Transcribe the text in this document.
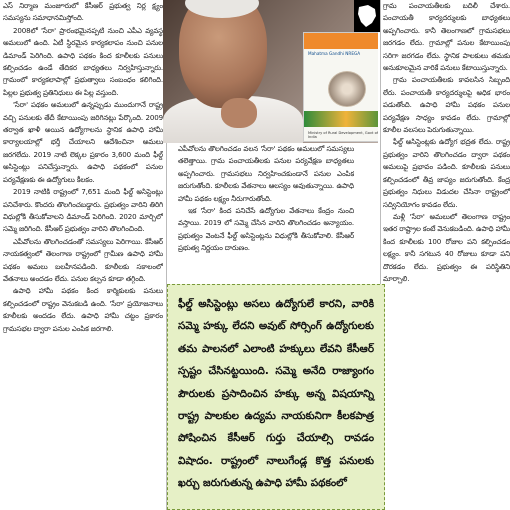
ఎస్ నిర్మాణ మంజూరులో కేసీఆర్ ప్రభుత్వ నిర్ల క్ష్యం సమస్యను సమాధానమిస్తోంది.

2008లో 'సేరా' ప్రారంభమైనప్పటి నుంచి ఎపీఎ వ్యవస్థ అమలులో ఉంది. ఏటీ స్థిరమైన కార్యకలాపం నుంచి పనుల డిమాండ్ పెరిగింది. ఉపాధి పథకం కింద కూలీలకు పనులు కల్పించడం ఉండే తేదికర బాధ్యతలు నిర్వహిస్తున్నారు. గ్రామంలో కార్యకలాపాల్లో ప్రభుత్వాలు సంబంధం కలిగింది. పిల్లల ప్రభుత్వ ప్రతినిధులు ఈ పిల్ల వస్తుంది.

'సేరా' పథకం అమలులో ఉన్నప్పుడు ముందుగానే రాష్ట్ర వచ్చి పనులకు తేదీ కేటాయింపు జరిగినట్లు పేర్కొంది. 2009 తర్వాత ఖాళీ అయిన ఉద్యోగాలను స్థానిక ఉపాధి హామీ కార్యాలయాల్లో భర్తీ చేయాలని ఆదేశించినా అమలు జరగలేదు. 2019 నాటి లెక్కల ప్రకారం 3,600 మంది ఫీల్డ్ అసిస్టెంట్లు పనిచేస్తున్నారు. ఉపాధి పథకంలో పనుల పర్యవేక్షణకు ఈ ఉద్యోగులు కీలకం.

2019 నాటికి రాష్ట్రంలో 7,651 మంది ఫీల్డ్ అసిస్టెంట్లు పనిచేశారు. కొందరు తొలగించబడ్డారు. ప్రభుత్వం వారిని తిరిగి విధుల్లోకి తీసుకోవాలని డిమాండ్ పెరిగింది. 2020 మార్చిలో సమ్మె జరిగింది. కేసీఆర్ ప్రభుత్వం వారిని తొలగించింది.

ఎపీవోలను తొలగించడంతో సమస్యలు పెరిగాయి. కేసీఆర్ నాయకత్వంలో తెలంగాణ రాష్ట్రంలో గ్రామీణ ఉపాధి హామీ పథకం అమలు బలహీనపడింది. కూలీలకు సకాలంలో వేతనాలు అందడం లేదు. పనుల కల్పన కూడా తగ్గింది.

ఉపాధి హామీ పథకం కింద కార్మికులకు పనులు కల్పించడంలో రాష్ట్రం వెనుకబడి ఉంది. 'సేరా' ప్రయోజనాలు కూలీలకు అందడం లేదు. ఉపాధి హామీ చట్టం ప్రకారం గ్రామసభల ద్వారా పనుల ఎంపిక జరగాలి.

Mahatma Gandhi NREGA
Ministry of Rural Development, Govt of India

ఎపీవోలను తొలగించడం వలన 'సేరా' పథకం అమలులో సమస్యలు తలెత్తాయి. గ్రామ పంచాయతీలకు పనుల పర్యవేక్షణ బాధ్యతలు అప్పగించారు. గ్రామసభలు నిర్వహించకుండానే పనుల ఎంపిక జరుగుతోంది. కూలీలకు వేతనాలు ఆలస్యం అవుతున్నాయి. ఉపాధి హామీ పథకం లక్ష్యం నీరుగారుతోంది.

ఇక 'సేరా' కింద పనిచేసే ఉద్యోగుల వేతనాలు కేంద్రం నుంచి వస్తాయి. 2019 లో సమ్మె చేసిన వారిని తొలగించడం అన్యాయం. ప్రభుత్వం వెంటనే ఫీల్డ్ అసిస్టెంట్లను విధుల్లోకి తీసుకోవాలి. కేసీఆర్ ప్రభుత్వ నిర్ణయం దారుణం.

గ్రామ పంచాయతీలకు బదిలీ చేశారు. పంచాయతీ కార్యదర్శులకు బాధ్యతలు అప్పగించారు. కానీ తెలంగాణలో గ్రామసభలు జరగడం లేదు. గ్రామాల్లో పనుల కేటాయింపు సరిగా జరగడం లేదు. స్థానిక పాలకులు తమకు అనుకూలమైన వారికే పనులు కేటాయిస్తున్నారు.

గ్రామ పంచాయతీలకు కావలసిన సిబ్బంది లేరు. పంచాయతీ కార్యదర్శులపై అధిక భారం పడుతోంది. ఉపాధి హామీ పథకం పనుల పర్యవేక్షణ సాధ్యం కావడం లేదు. గ్రామాల్లో కూలీల వలసలు పెరుగుతున్నాయి.

ఫీల్డ్ అసిస్టెంట్లకు ఉద్యోగ భద్రత లేదు. రాష్ట్ర ప్రభుత్వం వారిని తొలగించడం ద్వారా పథకం అమలుపై ప్రభావం పడింది. కూలీలకు పనులు కల్పించడంలో తీవ్ర జాప్యం జరుగుతోంది. కేంద్ర ప్రభుత్వం నిధులు విడుదల చేసినా రాష్ట్రంలో సద్వినియోగం కావడం లేదు.

మళ్లీ 'సేరా' అమలులో తెలంగాణ రాష్ట్రం ఇతర రాష్ట్రాల కంటే వెనుకబడింది. ఉపాధి హామీ కింద కూలీలకు 100 రోజుల పని కల్పించడం లక్ష్యం. కానీ సగటున 40 రోజులు కూడా పని దొరకడం లేదు. ప్రభుత్వం ఈ పరిస్థితిని మార్చాలి.

ఫీల్డ్ అసిస్టెంట్లు అసలు ఉద్యోగులే కారని, వారికి సమ్మె హక్కు లేదని అవుట్ సోర్సింగ్ ఉద్యోగులకు తమ పాలనలో ఎలాంటి హక్కులు లేవని కేసీఆర్ స్పష్టం చేసినట్టయింది. సమ్మె అనేది రాజ్యాంగం పౌరులకు ప్రసాదించిన హక్కు అన్న విషయాన్ని రాష్ట్ర పాలకుల ఉద్యమ నాయకునిగా కీలకపాత్ర పోషించిన కేసీఆర్ గుర్తు చేయాల్సి రావడం విషాదం. రాష్ట్రంలో నాలుగేండ్ల కొత్త పనులకు ఖర్చు జరుగుతున్న ఉపాధి హామీ పథకంలో
